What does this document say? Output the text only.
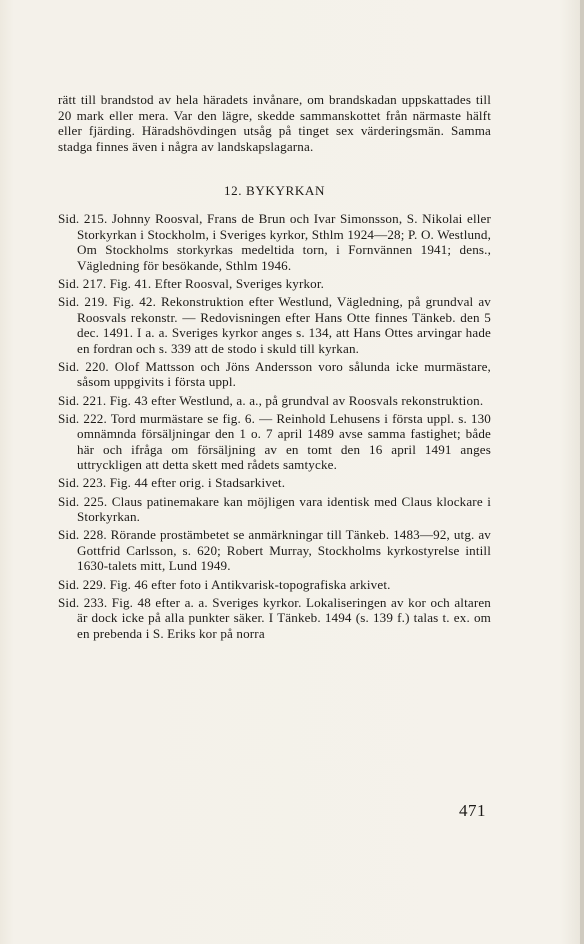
rätt till brandstod av hela häradets invånare, om brandskadan uppskattades till 20 mark eller mera. Var den lägre, skedde sammanskottet från närmaste hälft eller fjärding. Häradshövdingen utsåg på tinget sex värderingsmän. Samma stadga finnes även i några av landskapslagarna.

12. BYKYRKAN

Sid. 215. Johnny Roosval, Frans de Brun och Ivar Simonsson, S. Nikolai eller Storkyrkan i Stockholm, i Sveriges kyrkor, Sthlm 1924—28; P. O. Westlund, Om Stockholms storkyrkas medeltida torn, i Fornvännen 1941; dens., Vägledning för besökande, Sthlm 1946.

Sid. 217. Fig. 41. Efter Roosval, Sveriges kyrkor.

Sid. 219. Fig. 42. Rekonstruktion efter Westlund, Vägledning, på grundval av Roosvals rekonstr. — Redovisningen efter Hans Otte finnes Tänkeb. den 5 dec. 1491. I a. a. Sveriges kyrkor anges s. 134, att Hans Ottes arvingar hade en fordran och s. 339 att de stodo i skuld till kyrkan.

Sid. 220. Olof Mattsson och Jöns Andersson voro sålunda icke murmästare, såsom uppgivits i första uppl.

Sid. 221. Fig. 43 efter Westlund, a. a., på grundval av Roosvals rekonstruktion.

Sid. 222. Tord murmästare se fig. 6. — Reinhold Lehusens i första uppl. s. 130 omnämnda försäljningar den 1 o. 7 april 1489 avse samma fastighet; både här och ifråga om försäljning av en tomt den 16 april 1491 anges uttryckligen att detta skett med rådets samtycke.

Sid. 223. Fig. 44 efter orig. i Stadsarkivet.

Sid. 225. Claus patinemakare kan möjligen vara identisk med Claus klockare i Storkyrkan.

Sid. 228. Rörande prostämbetet se anmärkningar till Tänkeb. 1483—92, utg. av Gottfrid Carlsson, s. 620; Robert Murray, Stockholms kyrkostyrelse intill 1630-talets mitt, Lund 1949.

Sid. 229. Fig. 46 efter foto i Antikvarisk-topografiska arkivet.

Sid. 233. Fig. 48 efter a. a. Sveriges kyrkor. Lokaliseringen av kor och altaren är dock icke på alla punkter säker. I Tänkeb. 1494 (s. 139 f.) talas t. ex. om en prebenda i S. Eriks kor på norra

471
